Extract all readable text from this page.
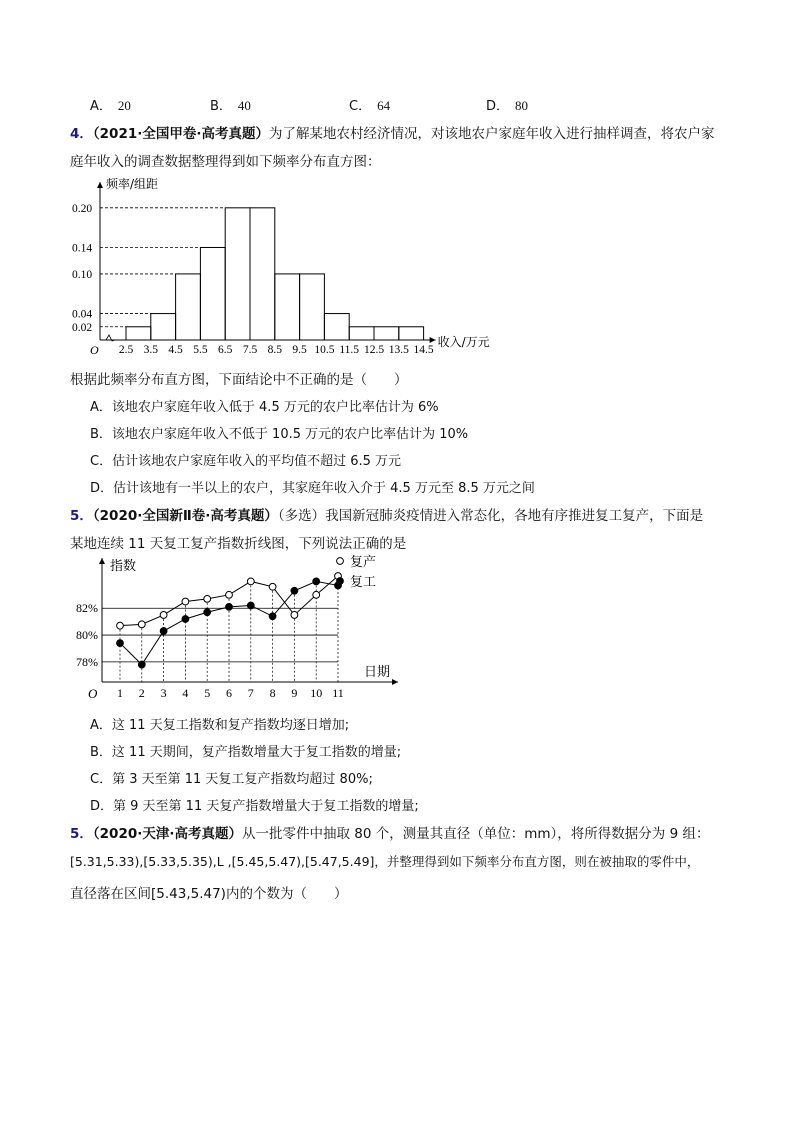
A． 20	B． 40	C． 64	D． 80
4．（2021·全国甲卷·高考真题）为了解某地农村经济情况，对该地农户家庭年收入进行抽样调查，将农户家
庭年收入的调查数据整理得到如下频率分布直方图：
O
频率/组距
收入/万元
0.02
0.04
0.10
0.14
0.20
2.5 3.5 4.5 5.5 6.5 7.5 8.5 9.5 10.5 11.5 12.5 13.5 14.5
根据此频率分布直方图，下面结论中不正确的是（　　）
A．该地农户家庭年收入低于 4.5 万元的农户比率估计为 6%
B．该地农户家庭年收入不低于 10.5 万元的农户比率估计为 10%
C．估计该地农户家庭年收入的平均值不超过 6.5 万元
D．估计该地有一半以上的农户，其家庭年收入介于 4.5 万元至 8.5 万元之间
5．（2020·全国新Ⅱ卷·高考真题）（多选）我国新冠肺炎疫情进入常态化，各地有序推进复工复产，下面是
某地连续 11 天复工复产指数折线图，下列说法正确的是
O
指数
日期
78%
80%
82%
1 2 3 4 5 6 7 8 9 10 11
复产
复工
A．这 11 天复工指数和复产指数均逐日增加;
B．这 11 天期间，复产指数增量大于复工指数的增量;
C．第 3 天至第 11 天复工复产指数均超过 80%;
D．第 9 天至第 11 天复产指数增量大于复工指数的增量;
5．（2020·天津·高考真题）从一批零件中抽取 80 个，测量其直径（单位：mm），将所得数据分为 9 组：
[5.31,5.33),[5.33,5.35),L ,[5.45,5.47),[5.47,5.49]，并整理得到如下频率分布直方图，则在被抽取的零件中，
直径落在区间[5.43,5.47)内的个数为（　　）
